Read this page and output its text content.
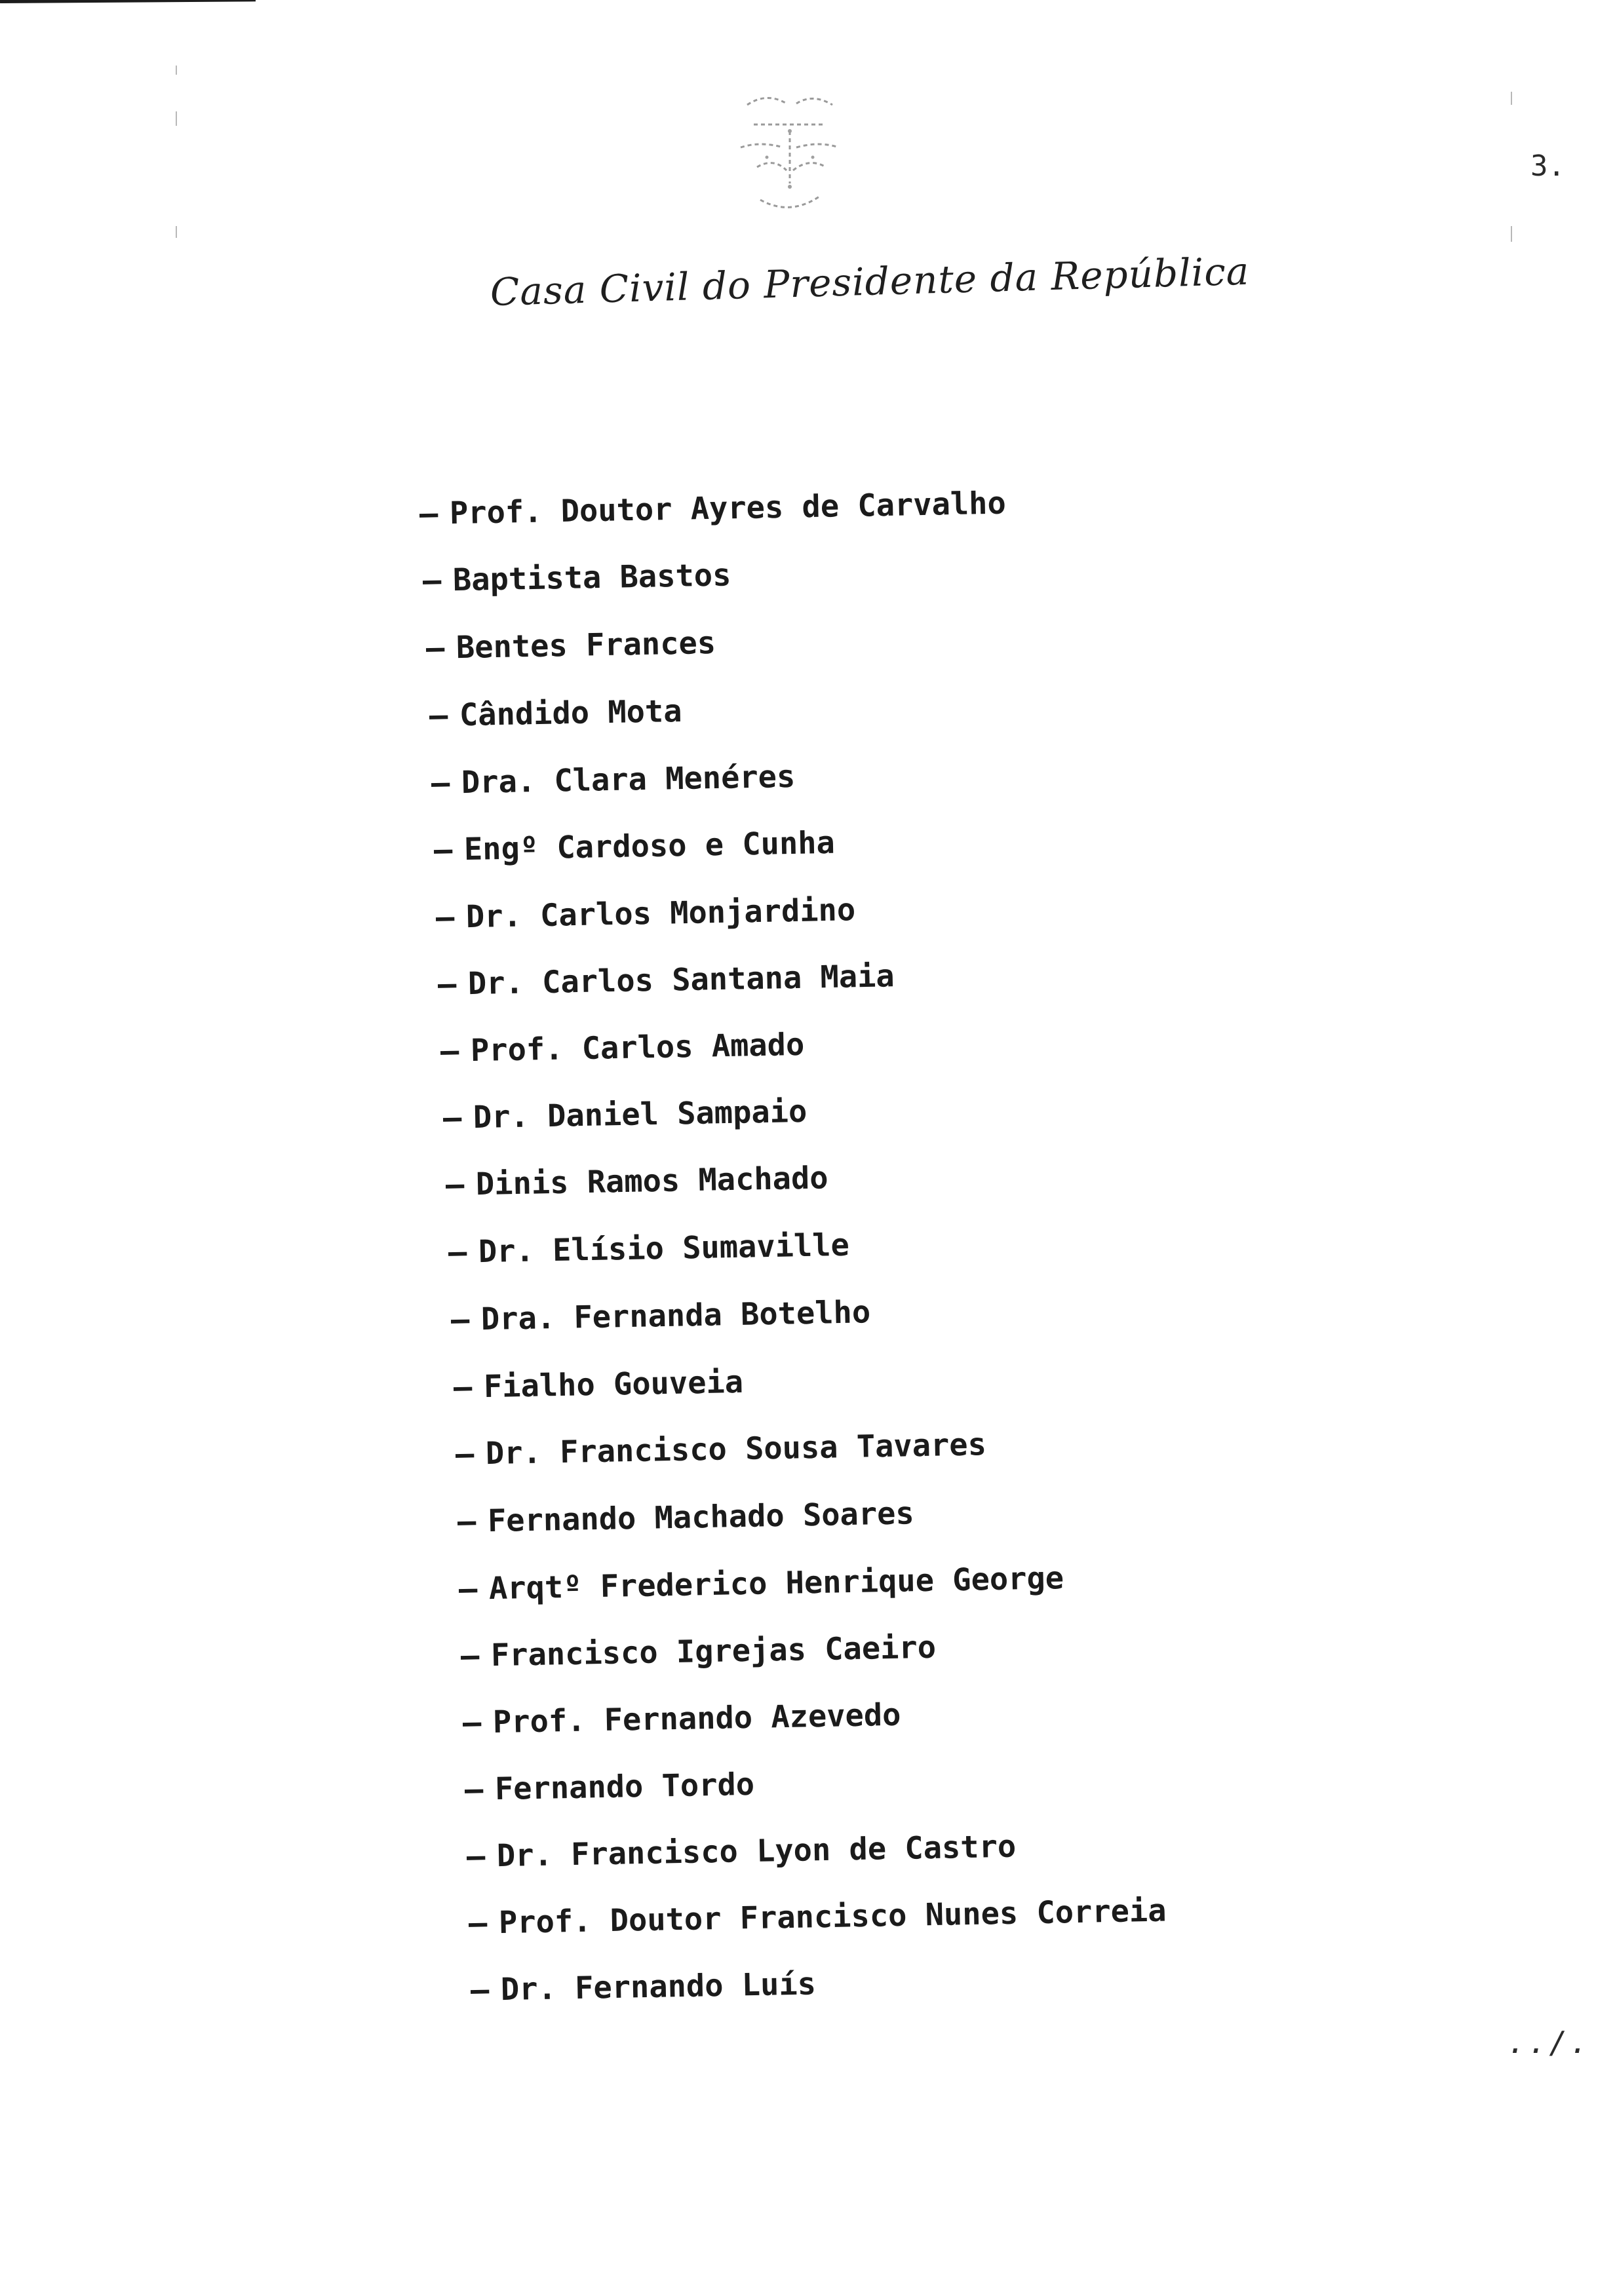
3.
Casa Civil do Presidente da República
– Prof. Doutor Ayres de Carvalho
– Baptista Bastos
– Bentes Frances
– Cândido Mota
– Dra. Clara Menéres
– Engº Cardoso e Cunha
– Dr. Carlos Monjardino
– Dr. Carlos Santana Maia
– Prof. Carlos Amado
– Dr. Daniel Sampaio
– Dinis Ramos Machado
– Dr. Elísio Sumaville
– Dra. Fernanda Botelho
– Fialho Gouveia
– Dr. Francisco Sousa Tavares
– Fernando Machado Soares
– Arqtº Frederico Henrique George
– Francisco Igrejas Caeiro
– Prof. Fernando Azevedo
– Fernando Tordo
– Dr. Francisco Lyon de Castro
– Prof. Doutor Francisco Nunes Correia
– Dr. Fernando Luís
../.
